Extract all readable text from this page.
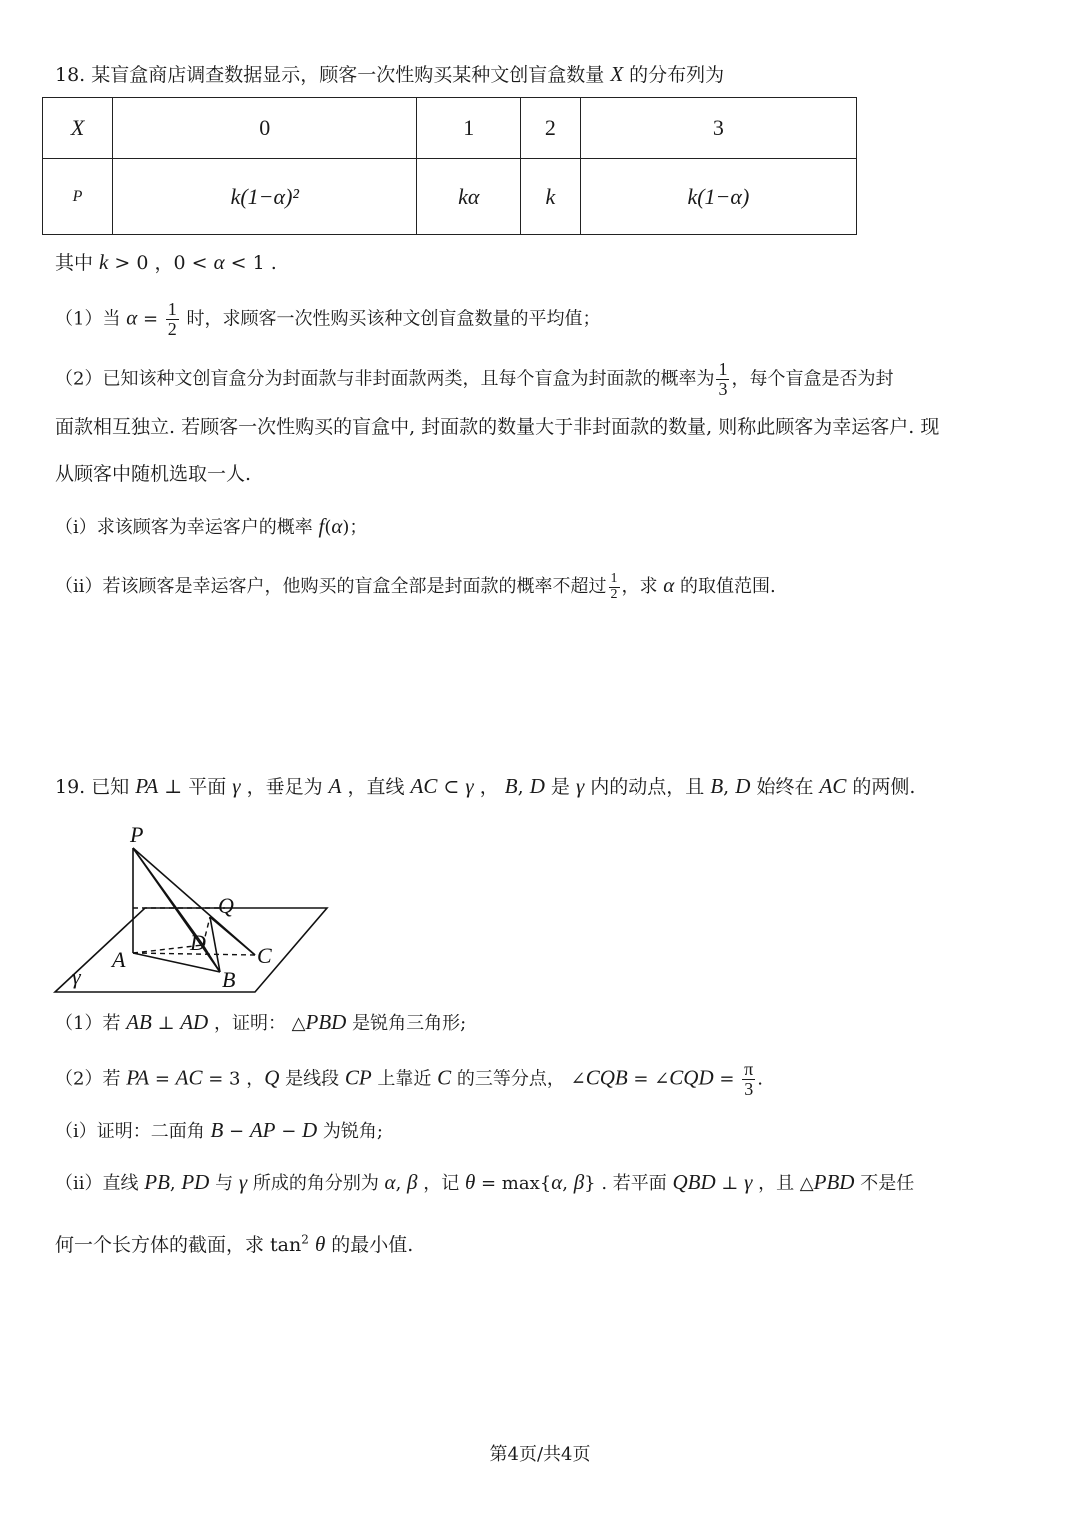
18. 某盲盒商店调查数据显示，顾客一次性购买某种文创盲盒数量 X 的分布列为
X	0	1	2	3
P	k(1−α)²	kα	k	k(1−α)
其中 k > 0 ，0 < α < 1 .
（1）当 $\alpha = \frac{1}{2}$ 时，求顾客一次性购买该种文创盲盒数量的平均值；
（2）已知该种文创盲盒分为封面款与非封面款两类，且每个盲盒为封面款的概率为 $\frac{1}{3}$ ，每个盲盒是否为封
面款相互独立. 若顾客一次性购买的盲盒中, 封面款的数量大于非封面款的数量, 则称此顾客为幸运客户. 现
从顾客中随机选取一人.
（i）求该顾客为幸运客户的概率 f(α)；
（ii）若该顾客是幸运客户，他购买的盲盒全部是封面款的概率不超过 $\frac{1}{2}$ ，求 α 的取值范围.
19. 已知 PA ⊥ 平面 γ ，垂足为 A ，直线 AC ⊂ γ ， B, D 是 γ 内的动点，且 B, D 始终在 AC 的两侧.
P
Q
D
A	C
B
γ
（1）若 AB ⊥ AD ，证明： △PBD 是锐角三角形;
（2）若 PA = AC = 3 ，Q 是线段 CP 上靠近 C 的三等分点， ∠CQB = ∠CQD = $\frac{\pi}{3}$ .
（i）证明：二面角 B − AP − D 为锐角;
（ii）直线 PB, PD 与 γ 所成的角分别为 α, β ，记 θ = max{α, β} . 若平面 QBD ⊥ γ ，且 △PBD 不是任
何一个长方体的截面，求 $\tan^2 \theta$ 的最小值.
第4页/共4页
